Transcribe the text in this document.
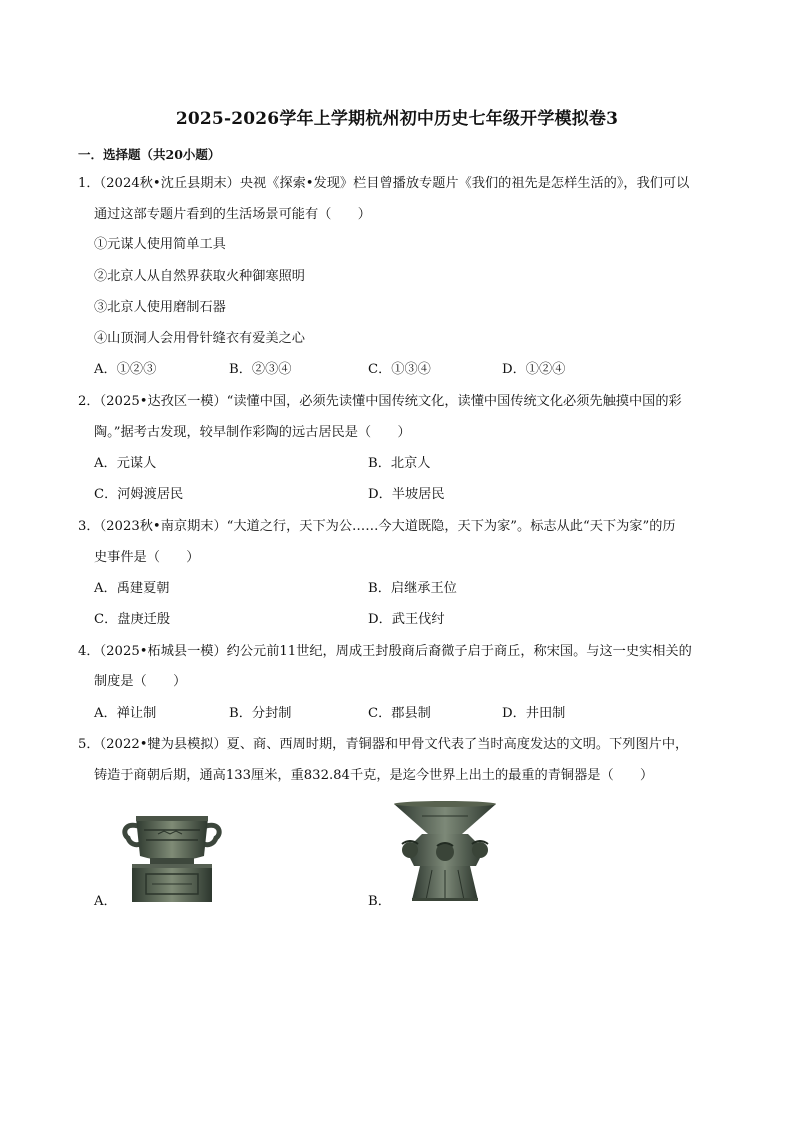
2025-2026学年上学期杭州初中历史七年级开学模拟卷3
一．选择题（共20小题）
1．（2024秋•沈丘县期末）央视《探索•发现》栏目曾播放专题片《我们的祖先是怎样生活的》，我们可以
通过这部专题片看到的生活场景可能有（　　）
①元谋人使用简单工具
②北京人从自然界获取火种御寒照明
③北京人使用磨制石器
④山顶洞人会用骨针缝衣有爱美之心
A．①②③	B．②③④	C．①③④	D．①②④
2．（2025•达孜区一模）“读懂中国，必须先读懂中国传统文化，读懂中国传统文化必须先触摸中国的彩
陶。”据考古发现，较早制作彩陶的远古居民是（　　）
A．元谋人	B．北京人
C．河姆渡居民	D．半坡居民
3．（2023秋•南京期末）“大道之行，天下为公……今大道既隐，天下为家”。标志从此“天下为家”的历
史事件是（　　）
A．禹建夏朝	B．启继承王位
C．盘庚迁殷	D．武王伐纣
4．（2025•柘城县一模）约公元前11世纪，周成王封殷商后裔微子启于商丘，称宋国。与这一史实相关的
制度是（　　）
A．禅让制	B．分封制	C．郡县制	D．井田制
5．（2022•犍为县模拟）夏、商、西周时期，青铜器和甲骨文代表了当时高度发达的文明。下列图片中，
铸造于商朝后期，通高133厘米，重832.84千克，是迄今世界上出土的最重的青铜器是（　　）
A．	B．
